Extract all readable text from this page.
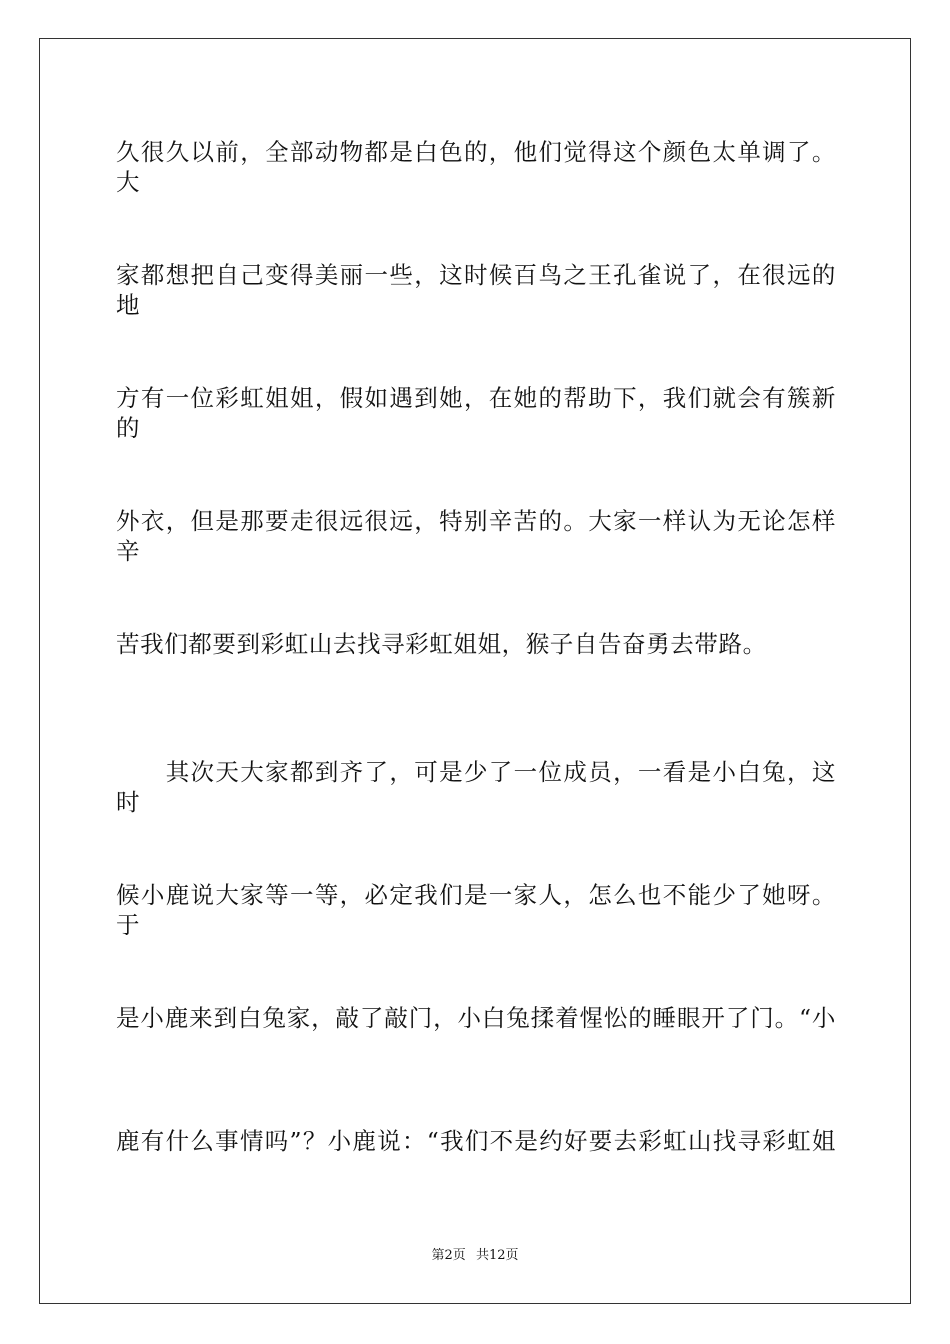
久很久以前，全部动物都是白色的，他们觉得这个颜色太单调了。大
家都想把自己变得美丽一些，这时候百鸟之王孔雀说了，在很远的地
方有一位彩虹姐姐，假如遇到她，在她的帮助下，我们就会有簇新的
外衣，但是那要走很远很远，特别辛苦的。大家一样认为无论怎样辛
苦我们都要到彩虹山去找寻彩虹姐姐，猴子自告奋勇去带路。
　　其次天大家都到齐了，可是少了一位成员，一看是小白兔，这时
候小鹿说大家等一等，必定我们是一家人，怎么也不能少了她呀。于
是小鹿来到白兔家，敲了敲门，小白兔揉着惺忪的睡眼开了门。“小
鹿有什么事情吗”？小鹿说：“我们不是约好要去彩虹山找寻彩虹姐
第2页 共12页
